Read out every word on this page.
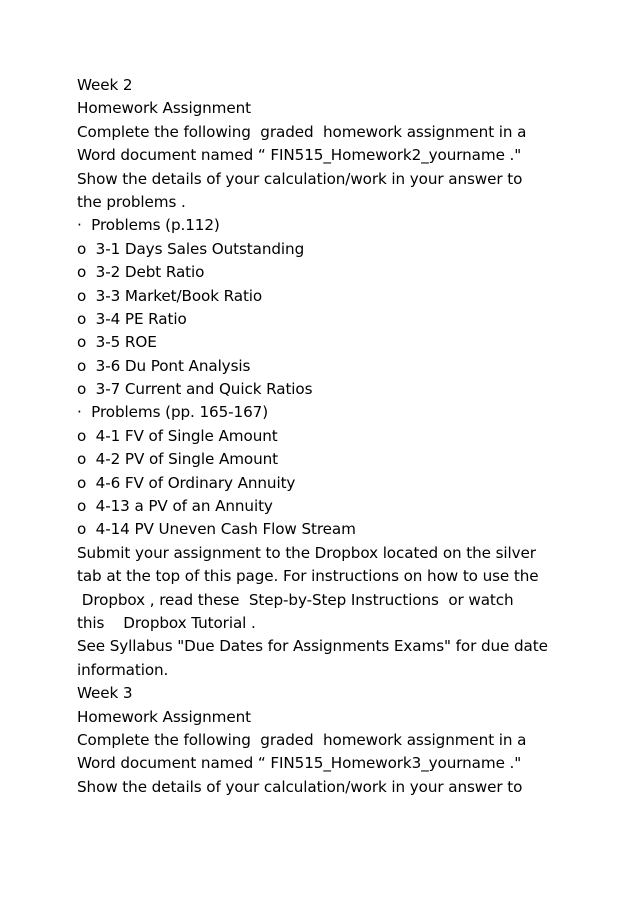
Week 2
Homework Assignment
Complete the following  graded  homework assignment in a
Word document named “ FIN515_Homework2_yourname ."
Show the details of your calculation/work in your answer to
the problems .
·  Problems (p.112)
o  3-1 Days Sales Outstanding
o  3-2 Debt Ratio
o  3-3 Market/Book Ratio
o  3-4 PE Ratio
o  3-5 ROE
o  3-6 Du Pont Analysis
o  3-7 Current and Quick Ratios
·  Problems (pp. 165-167)
o  4-1 FV of Single Amount
o  4-2 PV of Single Amount
o  4-6 FV of Ordinary Annuity
o  4-13 a PV of an Annuity
o  4-14 PV Uneven Cash Flow Stream
Submit your assignment to the Dropbox located on the silver
tab at the top of this page. For instructions on how to use the
Dropbox , read these  Step-by-Step Instructions  or watch
this    Dropbox Tutorial .
See Syllabus "Due Dates for Assignments Exams" for due date
information.
Week 3
Homework Assignment
Complete the following  graded  homework assignment in a
Word document named “ FIN515_Homework3_yourname ."
Show the details of your calculation/work in your answer to
